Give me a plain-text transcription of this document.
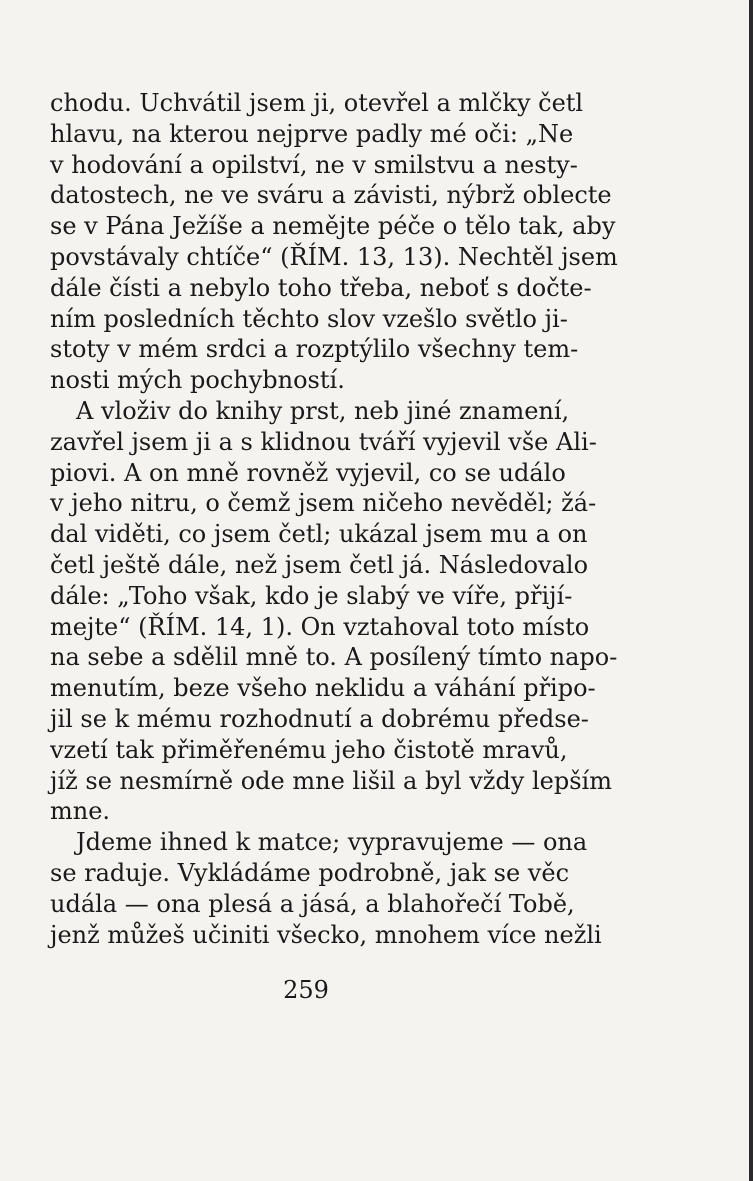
chodu. Uchvátil jsem ji, otevřel a mlčky četl
hlavu, na kterou nejprve padly mé oči: „Ne
v hodování a opilství, ne v smilstvu a nesty-
datostech, ne ve sváru a závisti, nýbrž oblecte
se v Pána Ježíše a nemějte péče o tělo tak, aby
povstávaly chtíče“ (ŘÍM. 13, 13). Nechtěl jsem
dále čísti a nebylo toho třeba, neboť s dočte-
ním posledních těchto slov vzešlo světlo ji-
stoty v mém srdci a rozptýlilo všechny tem-
nosti mých pochybností.
A vloživ do knihy prst, neb jiné znamení,
zavřel jsem ji a s klidnou tváří vyjevil vše Ali-
piovi. A on mně rovněž vyjevil, co se událo
v jeho nitru, o čemž jsem ničeho nevěděl; žá-
dal viděti, co jsem četl; ukázal jsem mu a on
četl ještě dále, než jsem četl já. Následovalo
dále: „Toho však, kdo je slabý ve víře, přijí-
mejte“ (ŘÍM. 14, 1). On vztahoval toto místo
na sebe a sdělil mně to. A posílený tímto napo-
menutím, beze všeho neklidu a váhání připo-
jil se k mému rozhodnutí a dobrému předse-
vzetí tak přiměřenému jeho čistotě mravů,
jíž se nesmírně ode mne lišil a byl vždy lepším
mne.
Jdeme ihned k matce; vypravujeme — ona
se raduje. Vykládáme podrobně, jak se věc
udála — ona plesá a jásá, a blahořečí Tobě,
jenž můžeš učiniti všecko, mnohem více nežli
259
